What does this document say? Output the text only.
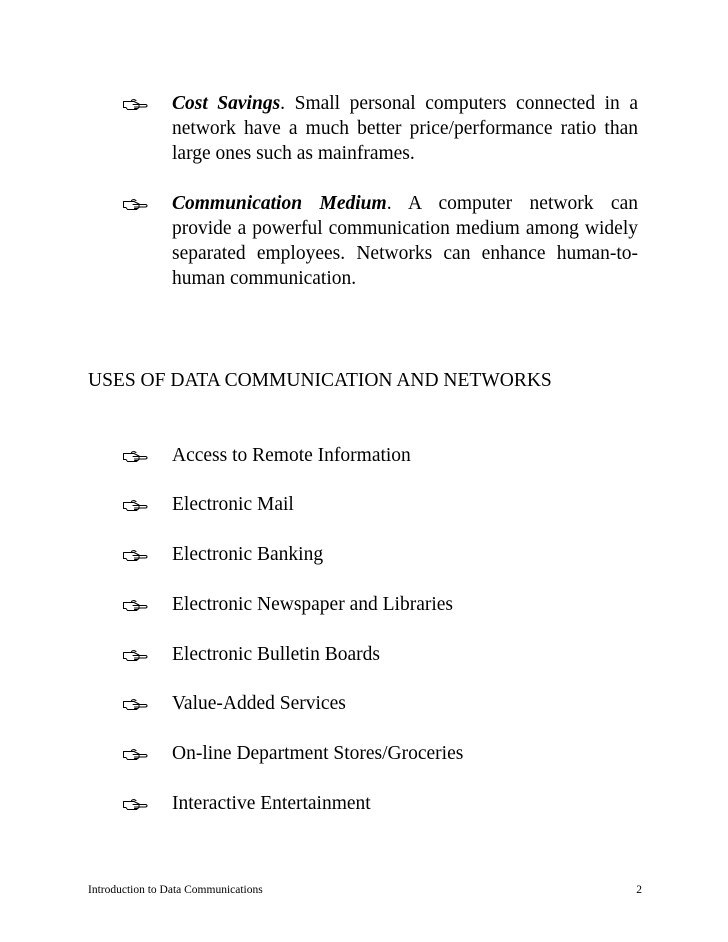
Cost Savings. Small personal computers connected in a network have a much better price/performance ratio than large ones such as mainframes.

Communication Medium. A computer network can provide a powerful communication medium among widely separated employees. Networks can enhance human-to-human communication.

USES OF DATA COMMUNICATION AND NETWORKS
Access to Remote Information
Electronic Mail
Electronic Banking
Electronic Newspaper and Libraries
Electronic Bulletin Boards
Value-Added Services
On-line Department Stores/Groceries
Interactive Entertainment
Introduction to Data Communications	2
